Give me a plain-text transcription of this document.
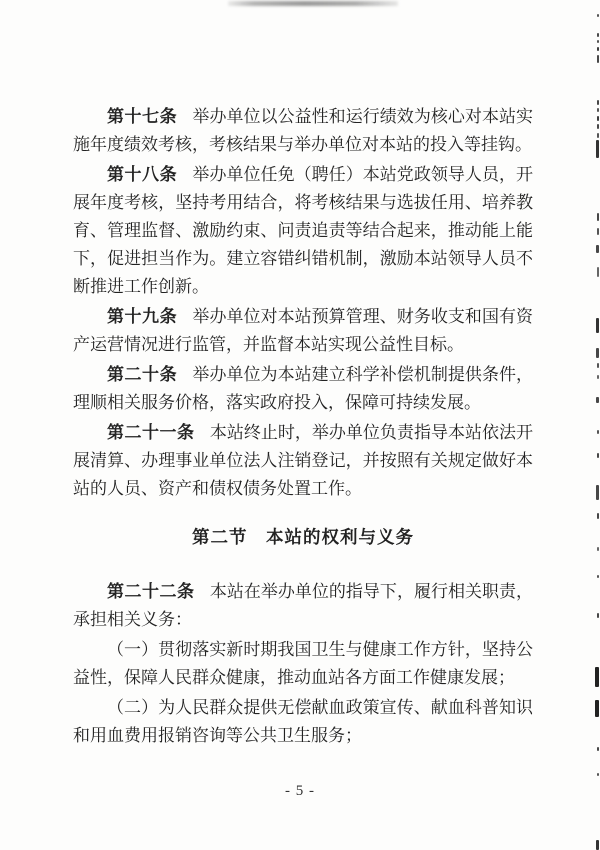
第十七条 举办单位以公益性和运行绩效为核心对本站实施年度绩效考核，考核结果与举办单位对本站的投入等挂钩。

第十八条 举办单位任免（聘任）本站党政领导人员，开展年度考核，坚持考用结合，将考核结果与选拔任用、培养教育、管理监督、激励约束、问责追责等结合起来，推动能上能下，促进担当作为。建立容错纠错机制，激励本站领导人员不断推进工作创新。

第十九条 举办单位对本站预算管理、财务收支和国有资产运营情况进行监管，并监督本站实现公益性目标。

第二十条 举办单位为本站建立科学补偿机制提供条件，理顺相关服务价格，落实政府投入，保障可持续发展。

第二十一条 本站终止时，举办单位负责指导本站依法开展清算、办理事业单位法人注销登记，并按照有关规定做好本站的人员、资产和债权债务处置工作。

第二节　本站的权利与义务

第二十二条 本站在举办单位的指导下，履行相关职责，承担相关义务：

（一）贯彻落实新时期我国卫生与健康工作方针，坚持公益性，保障人民群众健康，推动血站各方面工作健康发展；

（二）为人民群众提供无偿献血政策宣传、献血科普知识和用血费用报销咨询等公共卫生服务；

- 5 -
